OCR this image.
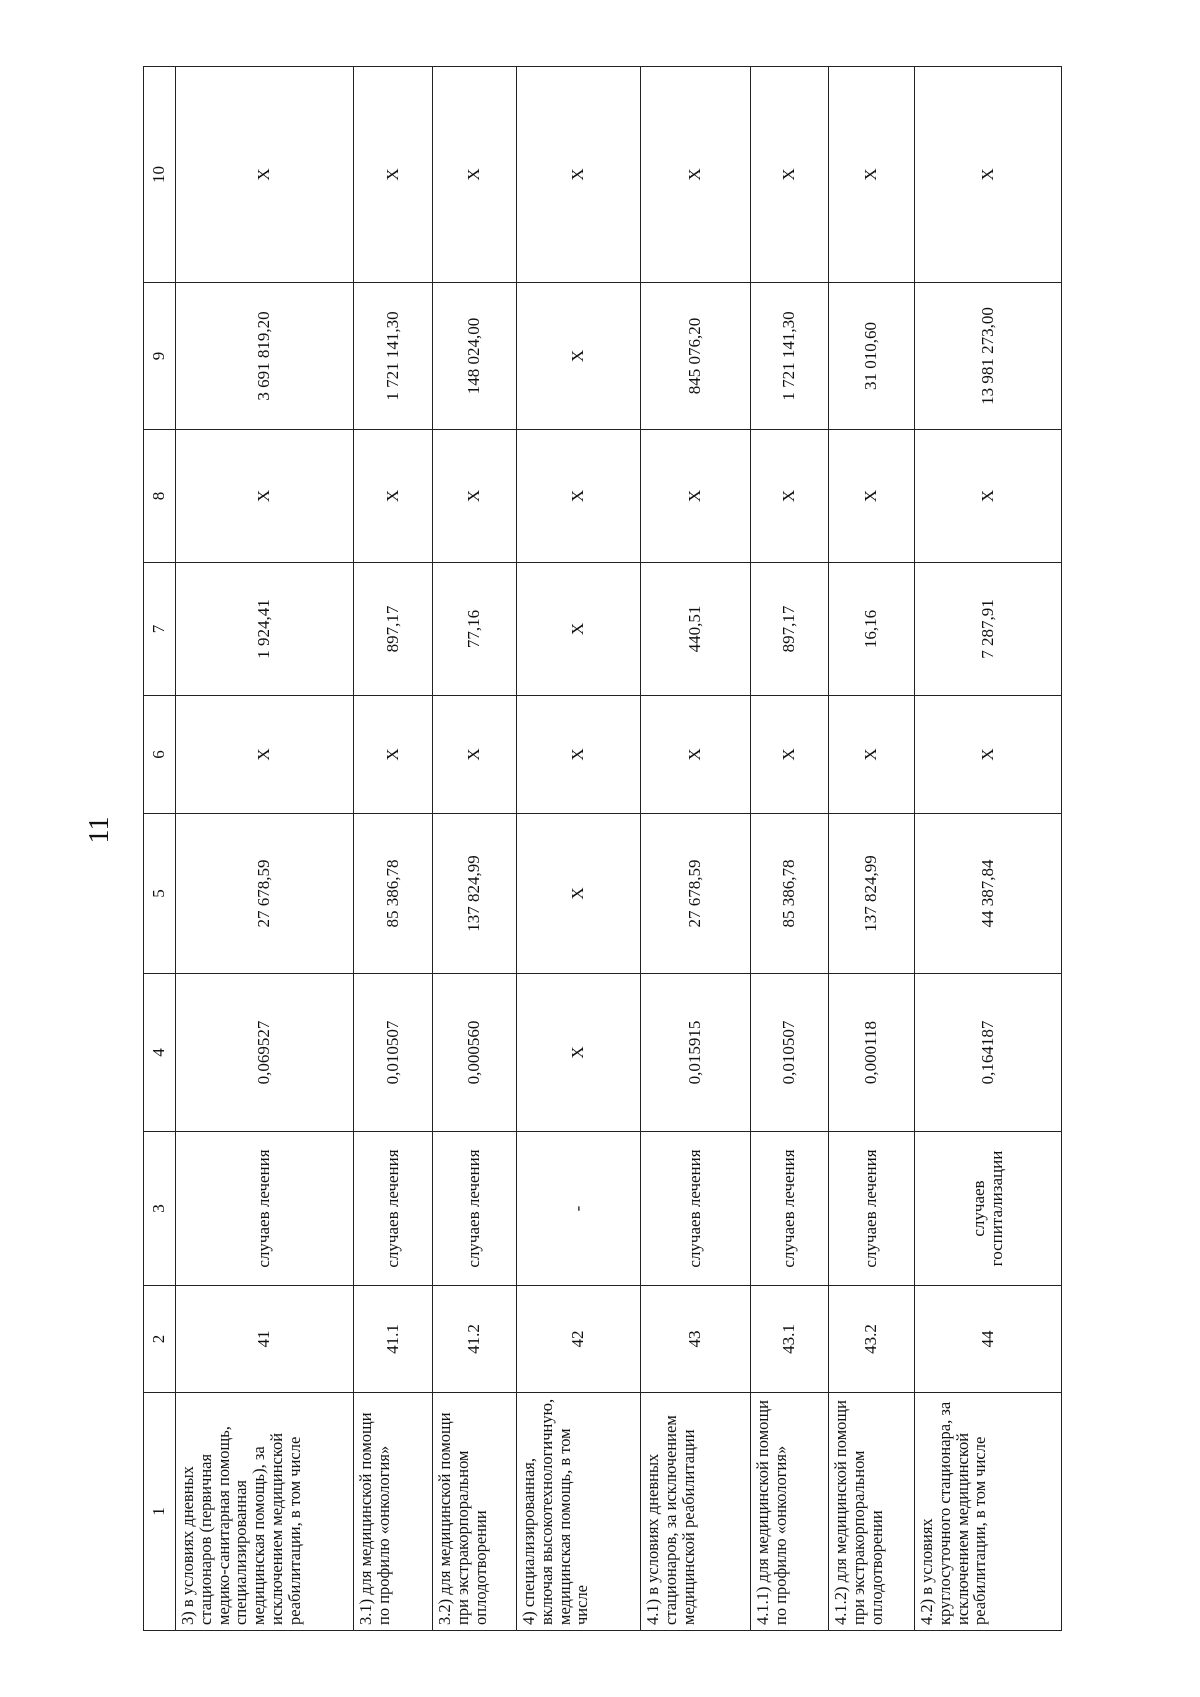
11
1	2	3	4	5	6	7	8	9	10
3) в условиях дневных стационаров (первичная медико-санитарная помощь, специализированная медицинская помощь), за исключением медицинской реабилитации, в том числе	41	случаев лечения	0,069527	27 678,59	Х	1 924,41	Х	3 691 819,20	Х
3.1) для медицинской помощи по профилю «онкология»	41.1	случаев лечения	0,010507	85 386,78	Х	897,17	Х	1 721 141,30	Х
3.2) для медицинской помощи при экстракорпоральном оплодотворении	41.2	случаев лечения	0,000560	137 824,99	Х	77,16	Х	148 024,00	Х
4) специализированная, включая высокотехнологичную, медицинская помощь, в том числе	42	-	Х	Х	Х	Х	Х	Х	Х
4.1) в условиях дневных стационаров, за исключением медицинской реабилитации	43	случаев лечения	0,015915	27 678,59	Х	440,51	Х	845 076,20	Х
4.1.1) для медицинской помощи по профилю «онкология»	43.1	случаев лечения	0,010507	85 386,78	Х	897,17	Х	1 721 141,30	Х
4.1.2) для медицинской помощи при экстракорпоральном оплодотворении	43.2	случаев лечения	0,000118	137 824,99	Х	16,16	Х	31 010,60	Х
4.2) в условиях круглосуточного стационара, за исключением медицинской реабилитации, в том числе	44	случаев госпитализации	0,164187	44 387,84	Х	7 287,91	Х	13 981 273,00	Х
